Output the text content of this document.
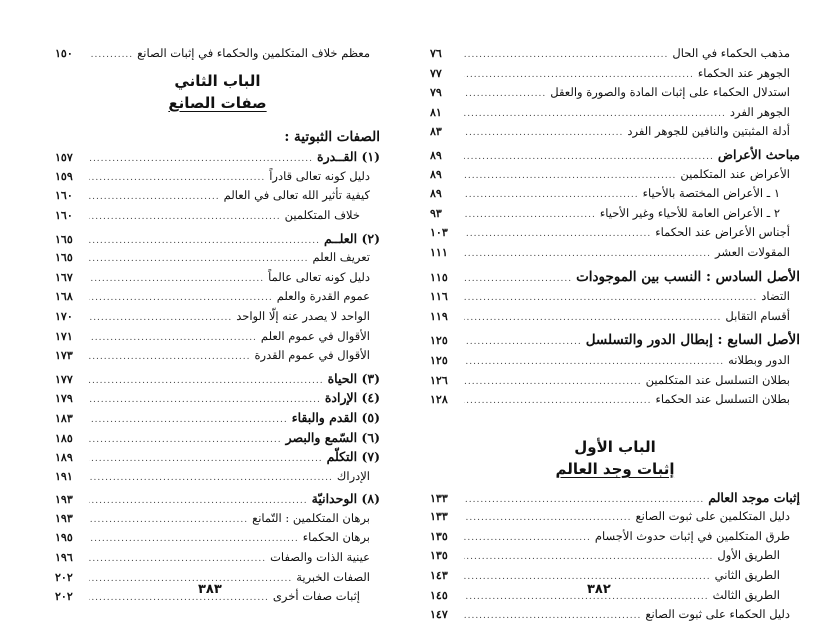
معظم خلاف المتكلمين والحكماء في إثبات الصانع
.....
١٥٠
الباب الثاني
صفات الصانع
الصفات الثبوتية :
(١) القــدرة
.....
١٥٧
دليل كونه تعالى قادراً
.....
١٥٩
كيفية تأثير الله تعالى في العالم
.....
١٦٠
خلاف المتكلمين
.....
١٦٠
(٢) العلــم
.....
١٦٥
تعريف العلم
.....
١٦٥
دليل كونه تعالى عالماً
.....
١٦٧
عموم القدرة والعلم
.....
١٦٨
الواحد لا يصدر عنه إلّا الواحد
.....
١٧٠
الأقوال في عموم العلم
.....
١٧١
الأقوال في عموم القدرة
.....
١٧٣
(٣) الحياة
.....
١٧٧
(٤) الإرادة
.....
١٧٩
(٥) القدم والبقاء
.....
١٨٣
(٦) السّمع والبصر
.....
١٨٥
(٧) التكلّم
.....
١٨٩
الإدراك
.....
١٩١
(٨) الوحدانيّة
.....
١٩٣
برهان المتكلمين : التّمانع
.....
١٩٣
برهان الحكماء
.....
١٩٥
عينية الذات والصفات
.....
١٩٦
الصفات الخبرية
.....
٢٠٢
إثبات صفات أخرى
.....
٢٠٢	٣٨٣
مذهب الحكماء في الحال
.....
٧٦
الجوهر عند الحكماء
.....
٧٧
استدلال الحكماء على إثبات المادة والصورة والعقل
.....
٧٩
الجوهر الفرد
.....
٨١
أدلة المثبتين والنافين للجوهر الفرد
.....
٨٣
مباحث الأعراض
.....
٨٩
الأعراض عند المتكلمين
.....
٨٩
١ ـ الأعراض المختصة بالأحياء
.....
٨٩
٢ ـ الأعراض العامة للأحياء وغير الأحياء
.....
٩٣
أجناس الأعراض عند الحكماء
.....
١٠٣
المقولات العشر
.....
١١١
الأصل السادس : النسب بين الموجودات
.....
١١٥
التضاد
.....
١١٦
أقسام التقابل
.....
١١٩
الأصل السابع : إبطال الدور والتسلسل
.....
١٢٥
الدور وبطلانه
.....
١٢٥
بطلان التسلسل عند المتكلمين
.....
١٢٦
بطلان التسلسل عند الحكماء
.....
١٢٨
الباب الأول
إثبات وجد العالم
إثبات موجد العالم
.....
١٣٣
دليل المتكلمين على ثبوت الصانع
.....
١٣٣
طرق المتكلمين في إثبات حدوث الأجسام
.....
١٣٥
الطريق الأول
.....
١٣٥
الطريق الثاني
.....
١٤٣
الطريق الثالث
.....
١٤٥
دليل الحكماء على ثبوت الصانع
.....
١٤٧
٣٨٢
